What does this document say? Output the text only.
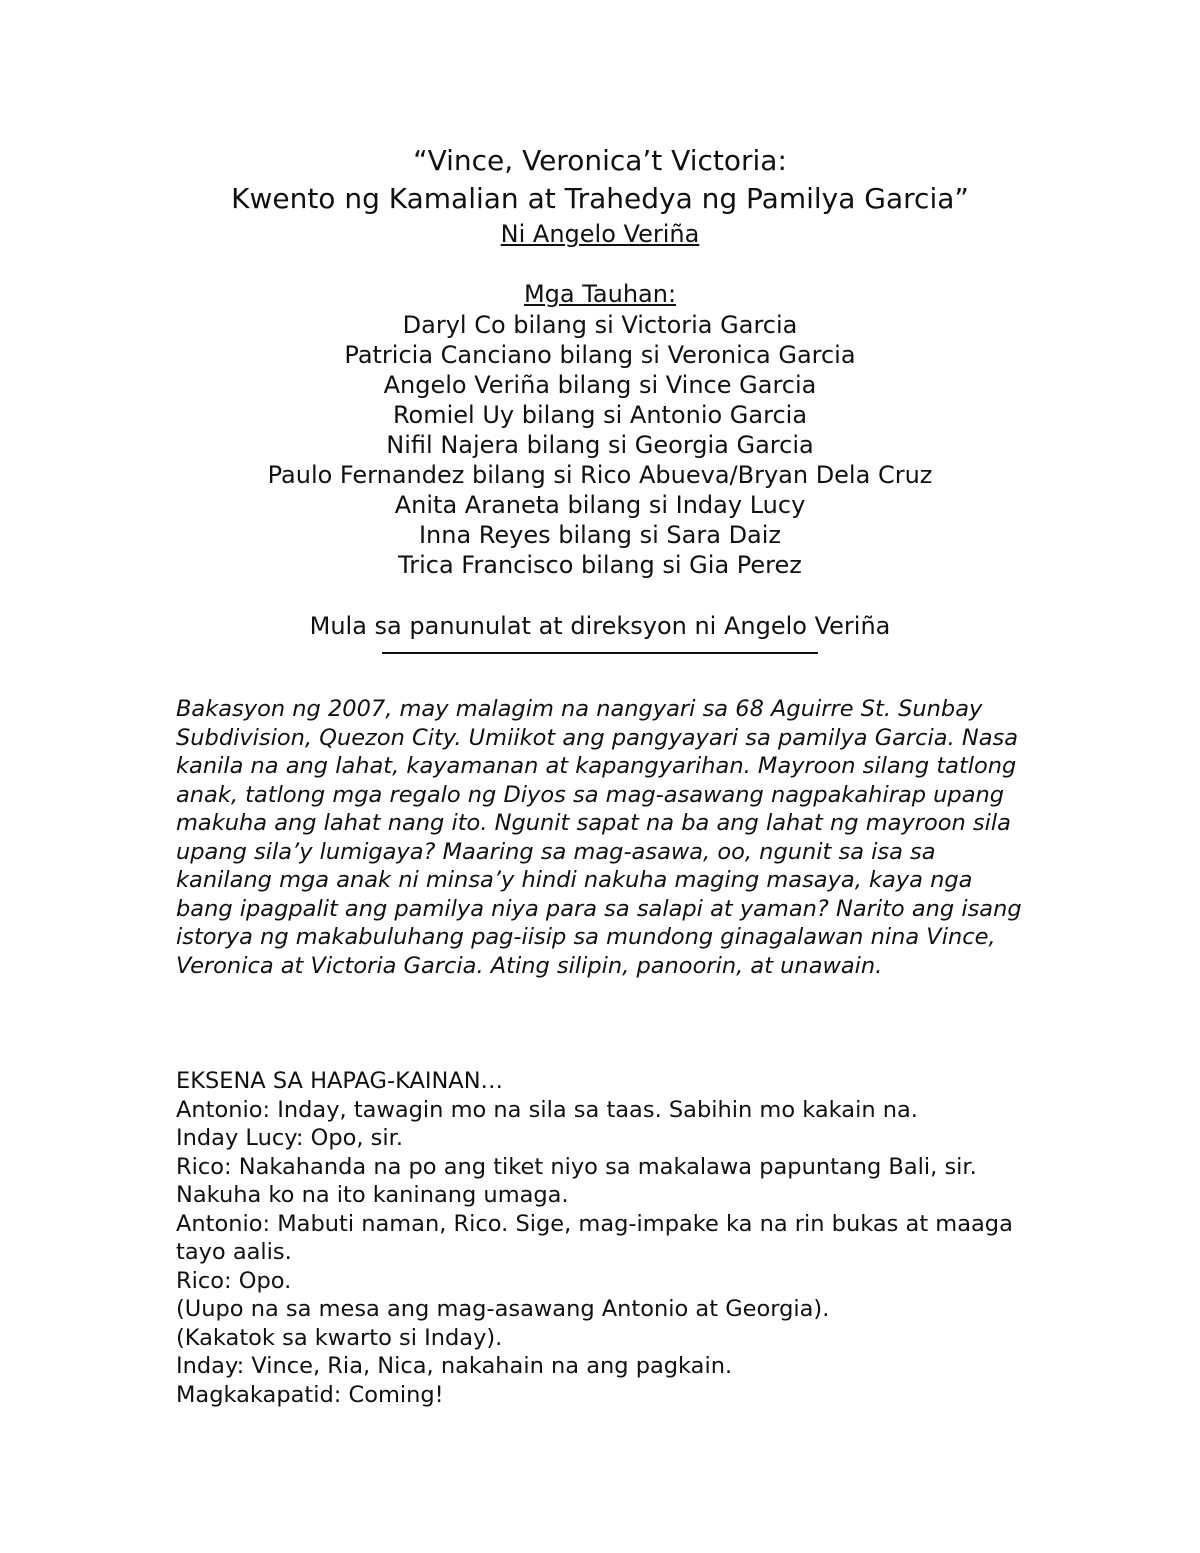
“Vince, Veronica’t Victoria:
Kwento ng Kamalian at Trahedya ng Pamilya Garcia”
Ni Angelo Veriña
Mga Tauhan:
Daryl Co bilang si Victoria Garcia
Patricia Canciano bilang si Veronica Garcia
Angelo Veriña bilang si Vince Garcia
Romiel Uy bilang si Antonio Garcia
Nifil Najera bilang si Georgia Garcia
Paulo Fernandez bilang si Rico Abueva/Bryan Dela Cruz
Anita Araneta bilang si Inday Lucy
Inna Reyes bilang si Sara Daiz
Trica Francisco bilang si Gia Perez
Mula sa panunulat at direksyon ni Angelo Veriña

Bakasyon ng 2007, may malagim na nangyari sa 68 Aguirre St. Sunbay Subdivision, Quezon City. Umiikot ang pangyayari sa pamilya Garcia. Nasa kanila na ang lahat, kayamanan at kapangyarihan. Mayroon silang tatlong anak, tatlong mga regalo ng Diyos sa mag-asawang nagpakahirap upang makuha ang lahat nang ito. Ngunit sapat na ba ang lahat ng mayroon sila upang sila’y lumigaya? Maaring sa mag-asawa, oo, ngunit sa isa sa kanilang mga anak ni minsa’y hindi nakuha maging masaya, kaya nga bang ipagpalit ang pamilya niya para sa salapi at yaman? Narito ang isang istorya ng makabuluhang pag-iisip sa mundong ginagalawan nina Vince, Veronica at Victoria Garcia. Ating silipin, panoorin, at unawain.

EKSENA SA HAPAG-KAINAN…
Antonio: Inday, tawagin mo na sila sa taas. Sabihin mo kakain na.
Inday Lucy: Opo, sir.
Rico: Nakahanda na po ang tiket niyo sa makalawa papuntang Bali, sir. Nakuha ko na ito kaninang umaga.
Antonio: Mabuti naman, Rico. Sige, mag-impake ka na rin bukas at maaga tayo aalis.
Rico: Opo.
(Uupo na sa mesa ang mag-asawang Antonio at Georgia).
(Kakatok sa kwarto si Inday).
Inday: Vince, Ria, Nica, nakahain na ang pagkain.
Magkakapatid: Coming!
